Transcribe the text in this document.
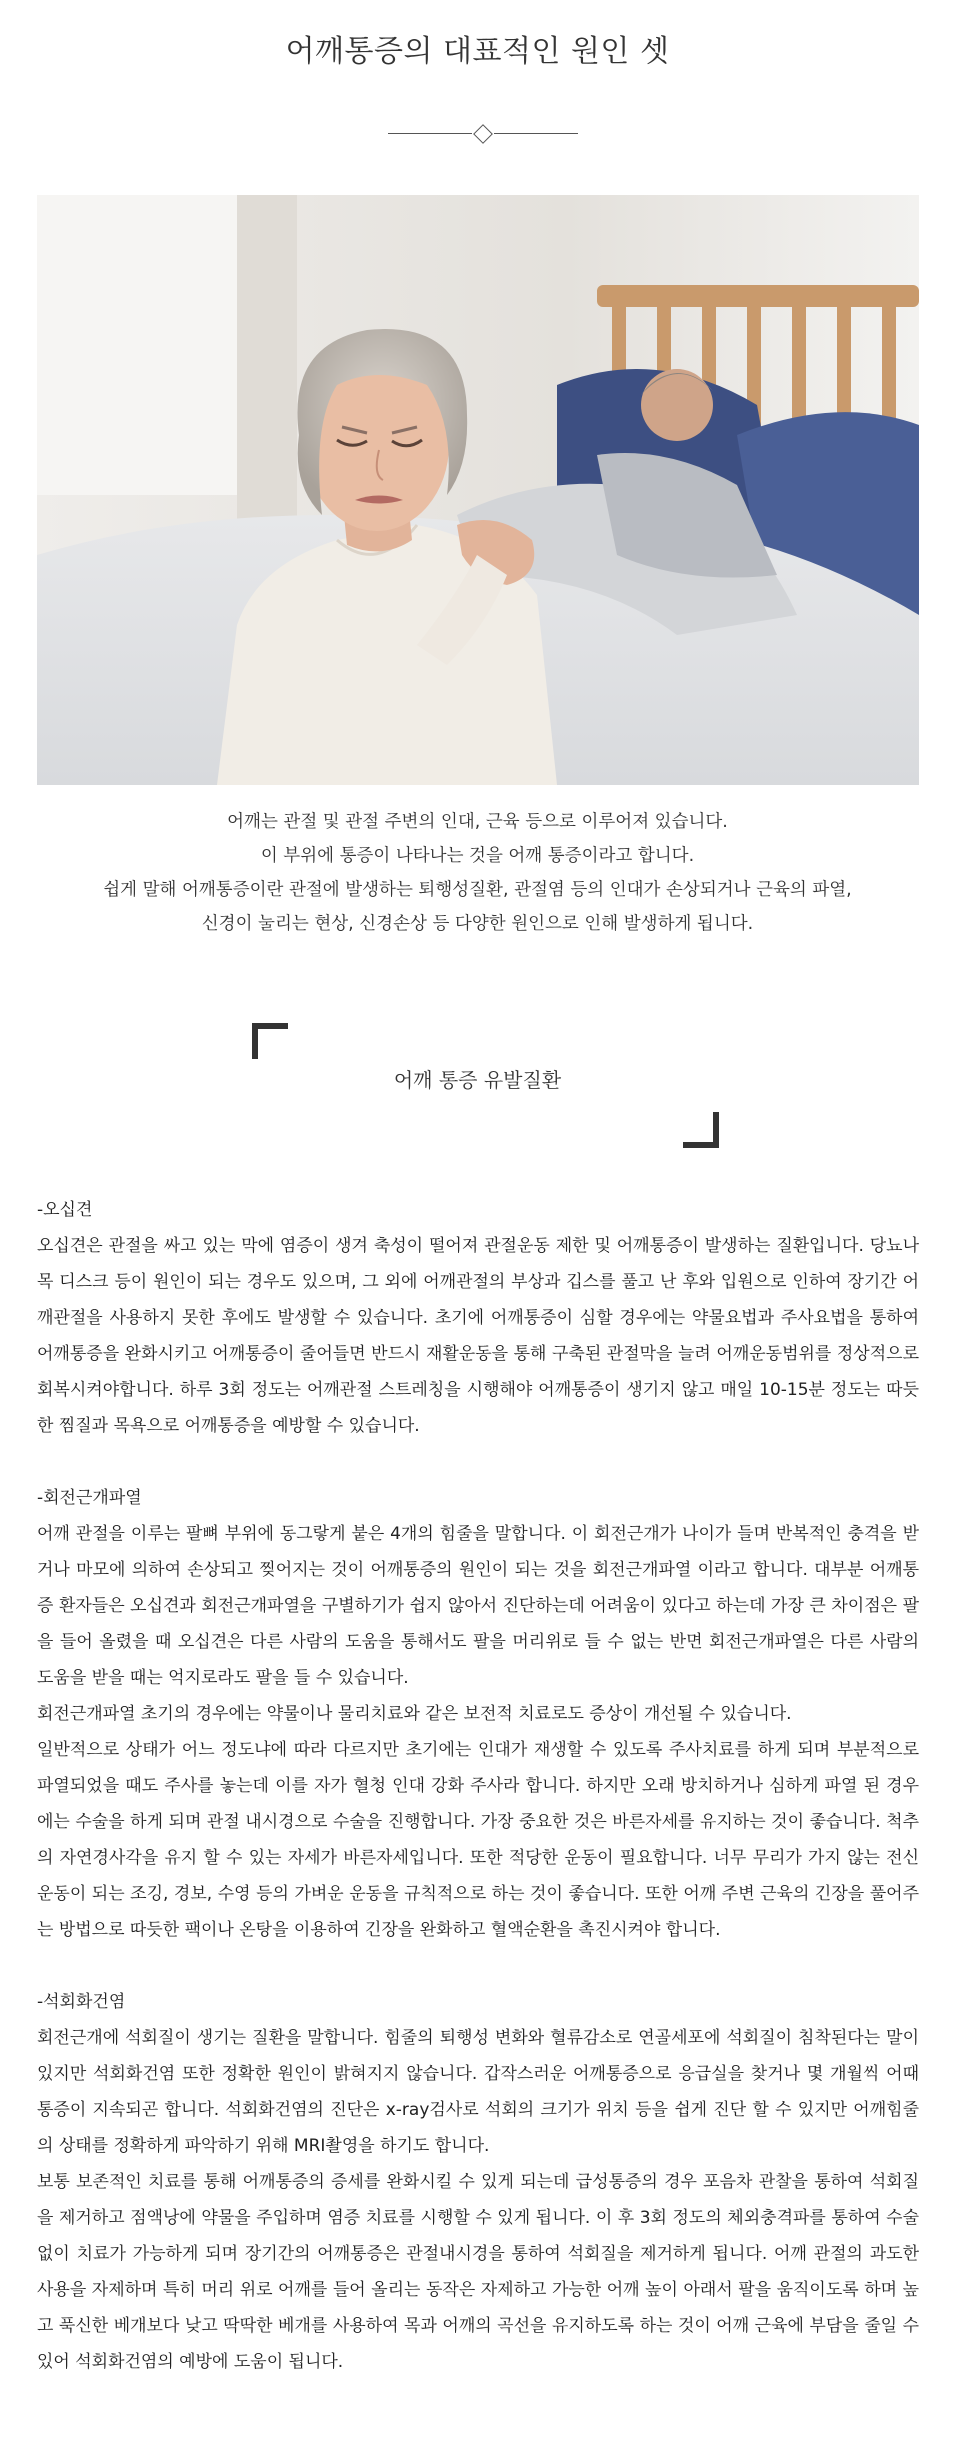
어깨통증의 대표적인 원인 셋

어깨는 관절 및 관절 주변의 인대, 근육 등으로 이루어져 있습니다.

이 부위에 통증이 나타나는 것을 어깨 통증이라고 합니다.

쉽게 말해 어깨통증이란 관절에 발생하는 퇴행성질환, 관절염 등의 인대가 손상되거나 근육의 파열,

신경이 눌리는 현상, 신경손상 등 다양한 원인으로 인해 발생하게 됩니다.

어깨 통증 유발질환
-오십견

오십견은 관절을 싸고 있는 막에 염증이 생겨 축성이 떨어져 관절운동 제한 및 어깨통증이 발생하는 질환입니다. 당뇨나 목 디스크 등이 원인이 되는 경우도 있으며, 그 외에 어깨관절의 부상과 깁스를 풀고 난 후와 입원으로 인하여 장기간 어깨관절을 사용하지 못한 후에도 발생할 수 있습니다. 초기에 어깨통증이 심할 경우에는 약물요법과 주사요법을 통하여 어깨통증을 완화시키고 어깨통증이 줄어들면 반드시 재활운동을 통해 구축된 관절막을 늘려 어깨운동범위를 정상적으로 회복시켜야합니다. 하루 3회 정도는 어깨관절 스트레칭을 시행해야 어깨통증이 생기지 않고 매일 10-15분 정도는 따듯한 찜질과 목욕으로 어깨통증을 예방할 수 있습니다.

-회전근개파열

어깨 관절을 이루는 팔뼈 부위에 동그랗게 붙은 4개의 힘줄을 말합니다. 이 회전근개가 나이가 들며 반복적인 충격을 받거나 마모에 의하여 손상되고 찢어지는 것이 어깨통증의 원인이 되는 것을 회전근개파열 이라고 합니다. 대부분 어깨통증 환자들은 오십견과 회전근개파열을 구별하기가 쉽지 않아서 진단하는데 어려움이 있다고 하는데 가장 큰 차이점은 팔을 들어 올렸을 때 오십견은 다른 사람의 도움을 통해서도 팔을 머리위로 들 수 없는 반면 회전근개파열은 다른 사람의 도움을 받을 때는 억지로라도 팔을 들 수 있습니다.

회전근개파열 초기의 경우에는 약물이나 물리치료와 같은 보전적 치료로도 증상이 개선될 수 있습니다.

일반적으로 상태가 어느 정도냐에 따라 다르지만 초기에는 인대가 재생할 수 있도록 주사치료를 하게 되며 부분적으로 파열되었을 때도 주사를 놓는데 이를 자가 혈청 인대 강화 주사라 합니다. 하지만 오래 방치하거나 심하게 파열 된 경우에는 수술을 하게 되며 관절 내시경으로 수술을 진행합니다. 가장 중요한 것은 바른자세를 유지하는 것이 좋습니다. 척추의 자연경사각을 유지 할 수 있는 자세가 바른자세입니다. 또한 적당한 운동이 필요합니다. 너무 무리가 가지 않는 전신운동이 되는 조깅, 경보, 수영 등의 가벼운 운동을 규칙적으로 하는 것이 좋습니다. 또한 어깨 주변 근육의 긴장을 풀어주는 방법으로 따듯한 팩이나 온탕을 이용하여 긴장을 완화하고 혈액순환을 촉진시켜야 합니다.

-석회화건염

회전근개에 석회질이 생기는 질환을 말합니다. 힘줄의 퇴행성 변화와 혈류감소로 연골세포에 석회질이 침착된다는 말이 있지만 석회화건염 또한 정확한 원인이 밝혀지지 않습니다. 갑작스러운 어깨통증으로 응급실을 찾거나 몇 개월씩 어때 통증이 지속되곤 합니다. 석회화건염의 진단은 x-ray검사로 석회의 크기가 위치 등을 쉽게 진단 할 수 있지만 어깨힘줄의 상태를 정확하게 파악하기 위해 MRI촬영을 하기도 합니다.

보통 보존적인 치료를 통해 어깨통증의 증세를 완화시킬 수 있게 되는데 급성통증의 경우 포음차 관찰을 통하여 석회질을 제거하고 점액낭에 약물을 주입하며 염증 치료를 시행할 수 있게 됩니다. 이 후 3회 정도의 체외충격파를 통하여 수술 없이 치료가 가능하게 되며 장기간의 어깨통증은 관절내시경을 통하여 석회질을 제거하게 됩니다. 어깨 관절의 과도한 사용을 자제하며 특히 머리 위로 어깨를 들어 올리는 동작은 자제하고 가능한 어깨 높이 아래서 팔을 움직이도록 하며 높고 푹신한 베개보다 낮고 딱딱한 베개를 사용하여 목과 어깨의 곡선을 유지하도록 하는 것이 어깨 근육에 부담을 줄일 수 있어 석회화건염의 예방에 도움이 됩니다.
